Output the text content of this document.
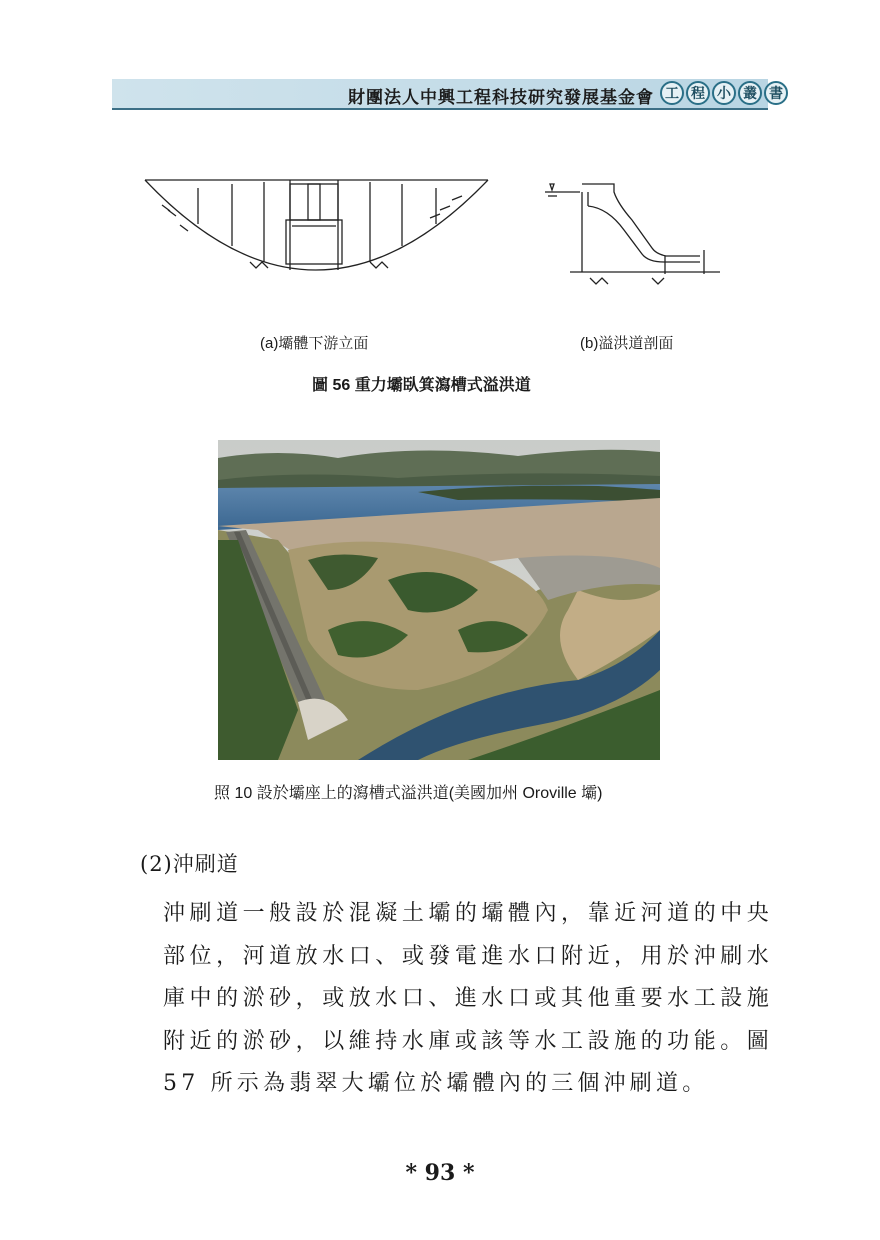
財團法人中興工程科技研究發展基金會 工 程 小 叢 書
(a)壩體下游立面	(b)溢洪道剖面
圖 56 重力壩臥箕瀉槽式溢洪道
照 10 設於壩座上的瀉槽式溢洪道(美國加州 Oroville 壩)
(2)沖刷道
沖刷道一般設於混凝土壩的壩體內，靠近河道的中央部位，河道放水口、或發電進水口附近，用於沖刷水庫中的淤砂，或放水口、進水口或其他重要水工設施附近的淤砂，以維持水庫或該等水工設施的功能。圖 57 所示為翡翠大壩位於壩體內的三個沖刷道。
* 93 *
